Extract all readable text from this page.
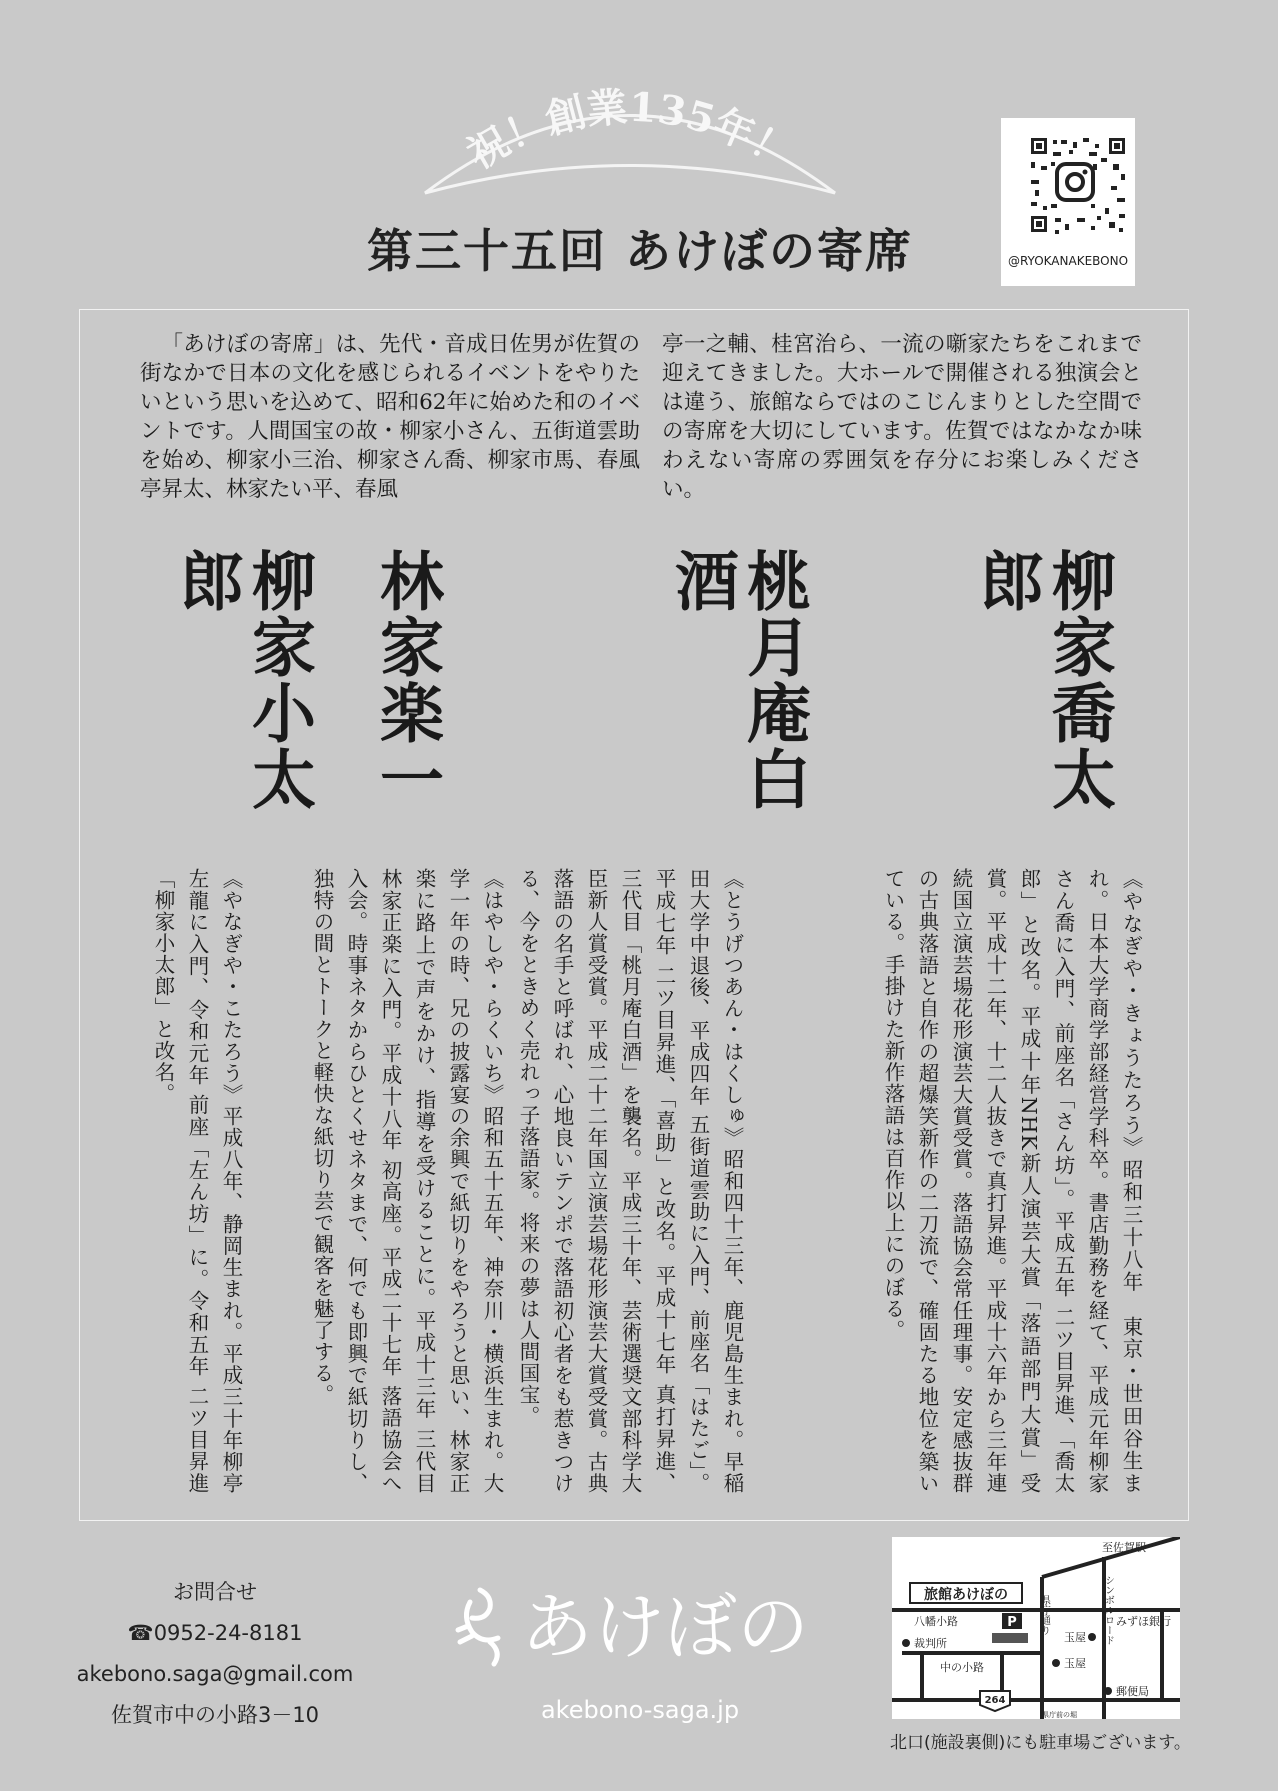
祝！創業135年！
第三十五回 あけぼの寄席	@RYOKANAKEBONO
「あけぼの寄席」は、先代・音成日佐男が佐賀の街なかで日本の文化を感じられるイベントをやりたいという思いを込めて、昭和62年に始めた和のイベントです。人間国宝の故・柳家小さん、五街道雲助を始め、柳家小三治、柳家さん喬、柳家市馬、春風亭昇太、林家たい平、春風
亭一之輔、桂宮治ら、一流の噺家たちをこれまで迎えてきました。大ホールで開催される独演会とは違う、旅館ならではのこじんまりとした空間での寄席を大切にしています。佐賀ではなかなか味わえない寄席の雰囲気を存分にお楽しみください。
柳家喬太郎
桃月庵白酒
林家楽一
柳家小太郎
《やなぎや・きょうたろう》昭和三十八年　東京・世田谷生まれ。日本大学商学部経営学科卒。書店勤務を経て、平成元年柳家さん喬に入門、前座名「さん坊」。平成五年 二ツ目昇進、「喬太郎」と改名。平成十年NHK新人演芸大賞「落語部門大賞」受賞。平成十二年、十二人抜きで真打昇進。平成十六年から三年連続国立演芸場花形演芸大賞受賞。落語協会常任理事。安定感抜群の古典落語と自作の超爆笑新作の二刀流で、確固たる地位を築いている。手掛けた新作落語は百作以上にのぼる。
《とうげつあん・はくしゅ》昭和四十三年、鹿児島生まれ。早稲田大学中退後、平成四年 五街道雲助に入門、前座名「はたご」。平成七年 二ツ目昇進、「喜助」と改名。平成十七年 真打昇進、三代目「桃月庵白酒」を襲名。平成三十年、芸術選奨文部科学大臣新人賞受賞。平成二十二年国立演芸場花形演芸大賞受賞。古典落語の名手と呼ばれ、心地良いテンポで落語初心者をも惹きつける、今をときめく売れっ子落語家。将来の夢は人間国宝。
《はやしや・らくいち》昭和五十五年、神奈川・横浜生まれ。大学一年の時、兄の披露宴の余興で紙切りをやろうと思い、林家正楽に路上で声をかけ、指導を受けることに。平成十三年 三代目林家正楽に入門。平成十八年 初高座。平成二十七年 落語協会へ入会。時事ネタからひとくせネタまで、何でも即興で紙切りし、独特の間とトークと軽快な紙切り芸で観客を魅了する。
《やなぎや・こたろう》平成八年、静岡生まれ。平成三十年柳亭左龍に入門、令和元年 前座「左ん坊」に。令和五年 二ツ目昇進「柳家小太郎」と改名。
お問合せ
☎0952-24-8181
akebono.saga@gmail.com
佐賀市中の小路3－10
あけぼの
akebono-saga.jp
旅館あけぼの
P
至佐賀駅
八幡小路
裁判所
中の小路
玉屋
玉屋
みずほ銀行
郵便局
県庁前の堀
県庁通り	シンボルロード
264
北口(施設裏側)にも駐車場ございます。
